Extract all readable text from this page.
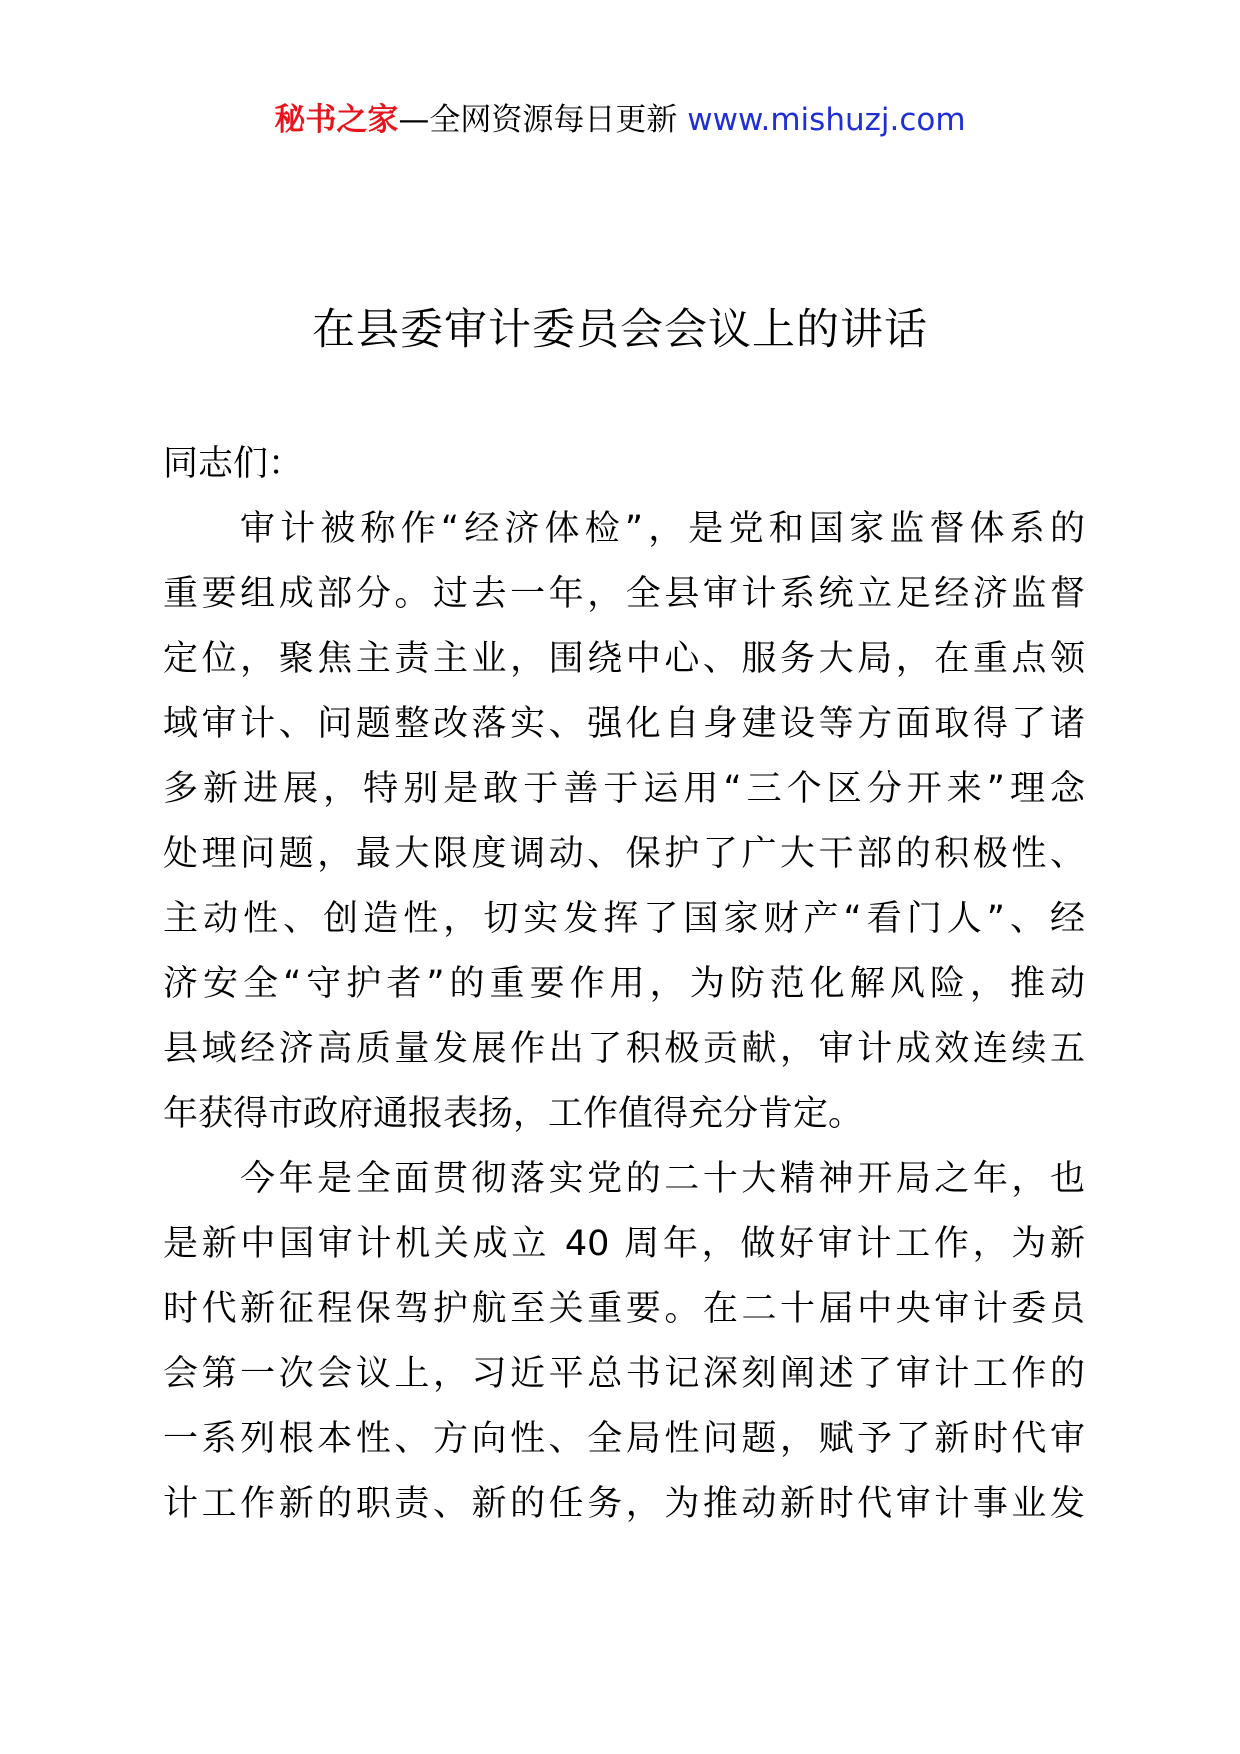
秘书之家—全网资源每日更新 www.mishuzj.com
在县委审计委员会会议上的讲话
同志们：
审计被称作“经济体检”，是党和国家监督体系的
重要组成部分。过去一年，全县审计系统立足经济监督
定位，聚焦主责主业，围绕中心、服务大局，在重点领
域审计、问题整改落实、强化自身建设等方面取得了诸
多新进展，特别是敢于善于运用“三个区分开来”理念
处理问题，最大限度调动、保护了广大干部的积极性、
主动性、创造性，切实发挥了国家财产“看门人”、经
济安全“守护者”的重要作用，为防范化解风险，推动
县域经济高质量发展作出了积极贡献，审计成效连续五
年获得市政府通报表扬，工作值得充分肯定。
今年是全面贯彻落实党的二十大精神开局之年，也
是新中国审计机关成立 40 周年，做好审计工作，为新
时代新征程保驾护航至关重要。在二十届中央审计委员
会第一次会议上，习近平总书记深刻阐述了审计工作的
一系列根本性、方向性、全局性问题，赋予了新时代审
计工作新的职责、新的任务，为推动新时代审计事业发
